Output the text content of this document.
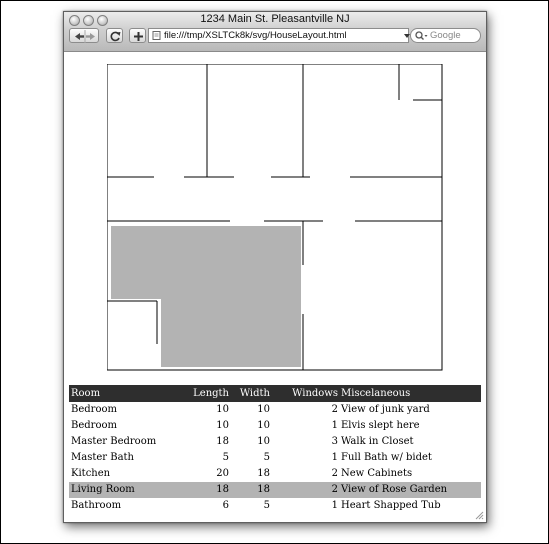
1234 Main St. Pleasantville NJ
file:///tmp/XSLTCk8k/svg/HouseLayout.html	Google
Room	Length Width Windows Miscelaneous
Bedroom	10	10	2 View of junk yard
Bedroom	10	10	1 Elvis slept here
Master Bedroom	18	10	3 Walk in Closet
Master Bath	5	5	1 Full Bath w/ bidet
Kitchen	20	18	2 New Cabinets
Living Room	18	18	2 View of Rose Garden
Bathroom	6	5	1 Heart Shapped Tub
